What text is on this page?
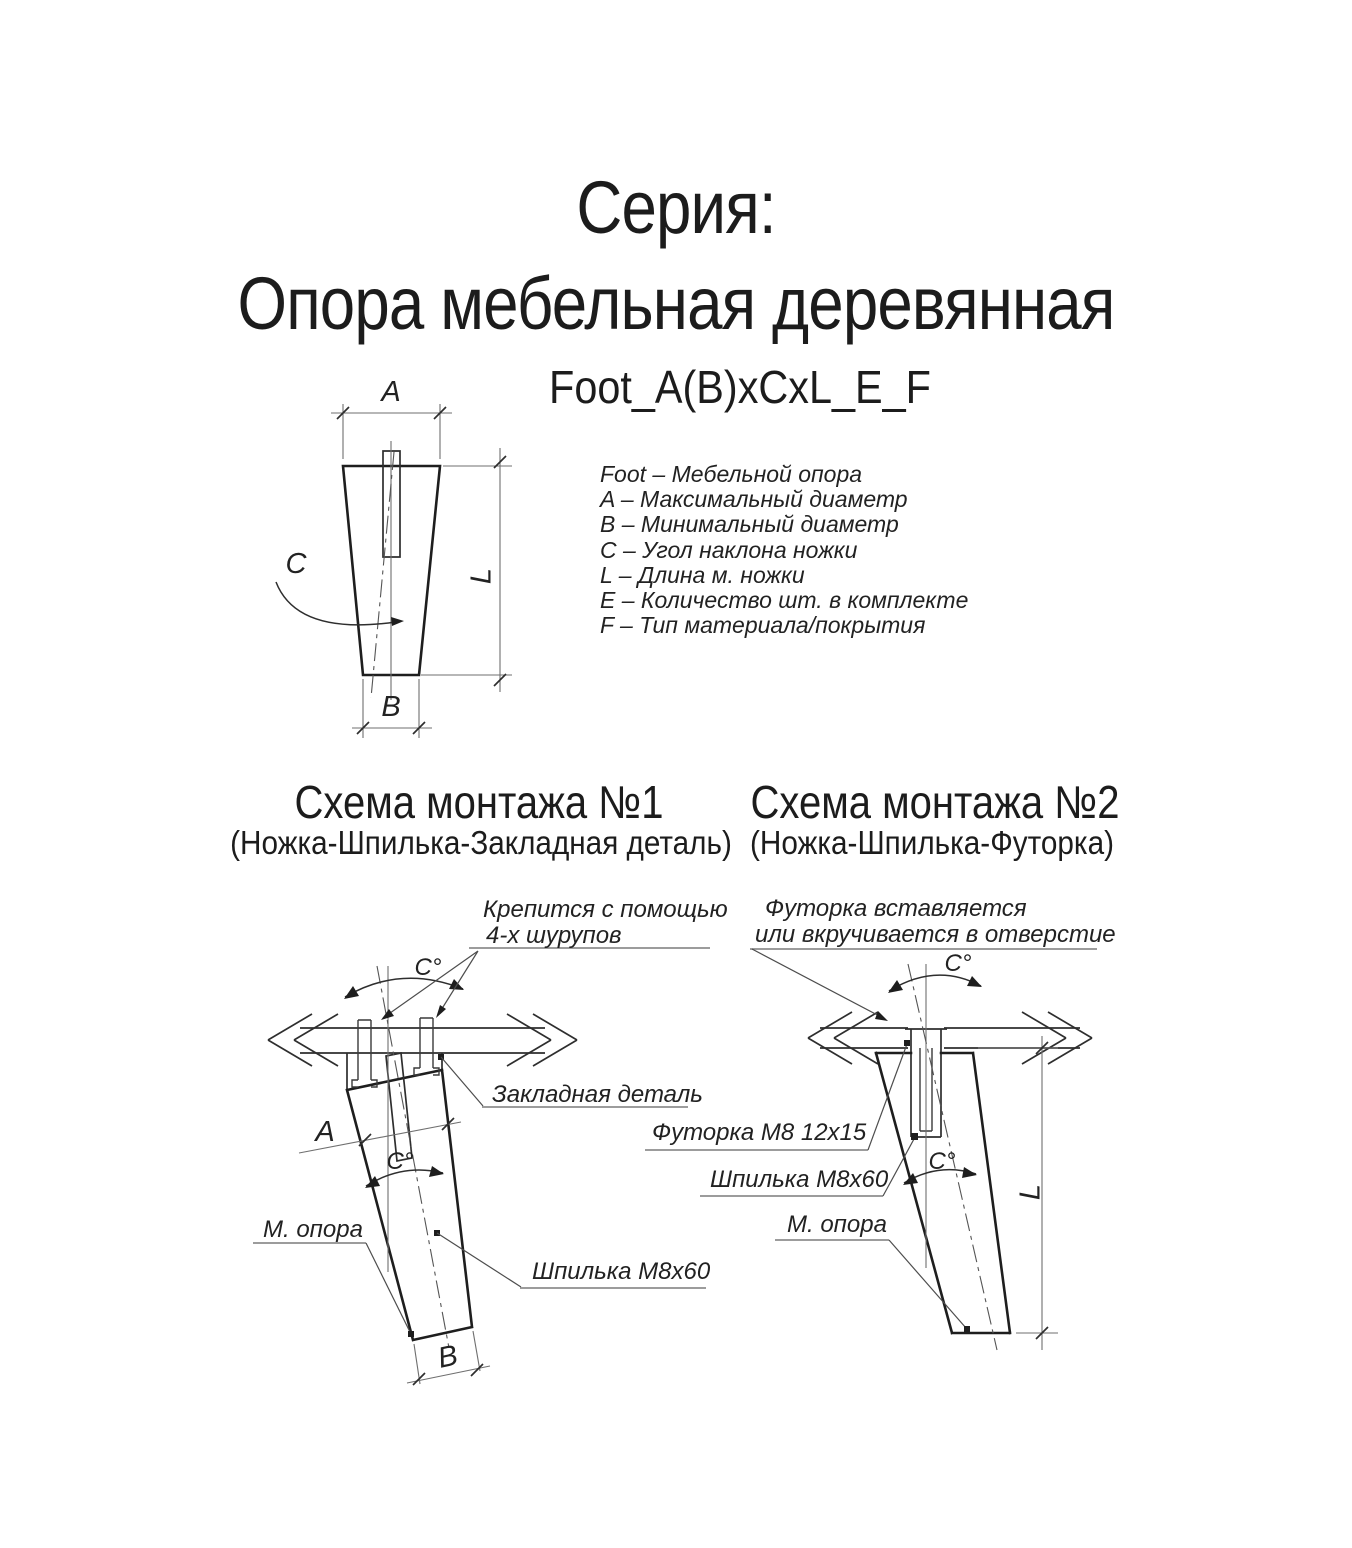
Серия:
Опора мебельная деревянная
Foot_A(B)xCxL_E_F
Foot – Мебельной опора
A – Максимальный диаметр
B – Минимальный диаметр
C – Угол наклона ножки
L – Длина м. ножки
E – Количество шт. в комплекте
F – Тип материала/покрытия
A
B
L
C
Схема монтажа №1
(Ножка-Шпилька-Закладная деталь)
Крепится с помощью
4-х шурупов
C°
Закладная деталь
A
C°
М. опора
Шпилька М8х60
B
Схема монтажа №2
(Ножка-Шпилька-Футорка)
Футорка вставляется
или вкручивается в отверстие
C°
Футорка М8 12х15
Шпилька М8х60
C°
М. опора
L
